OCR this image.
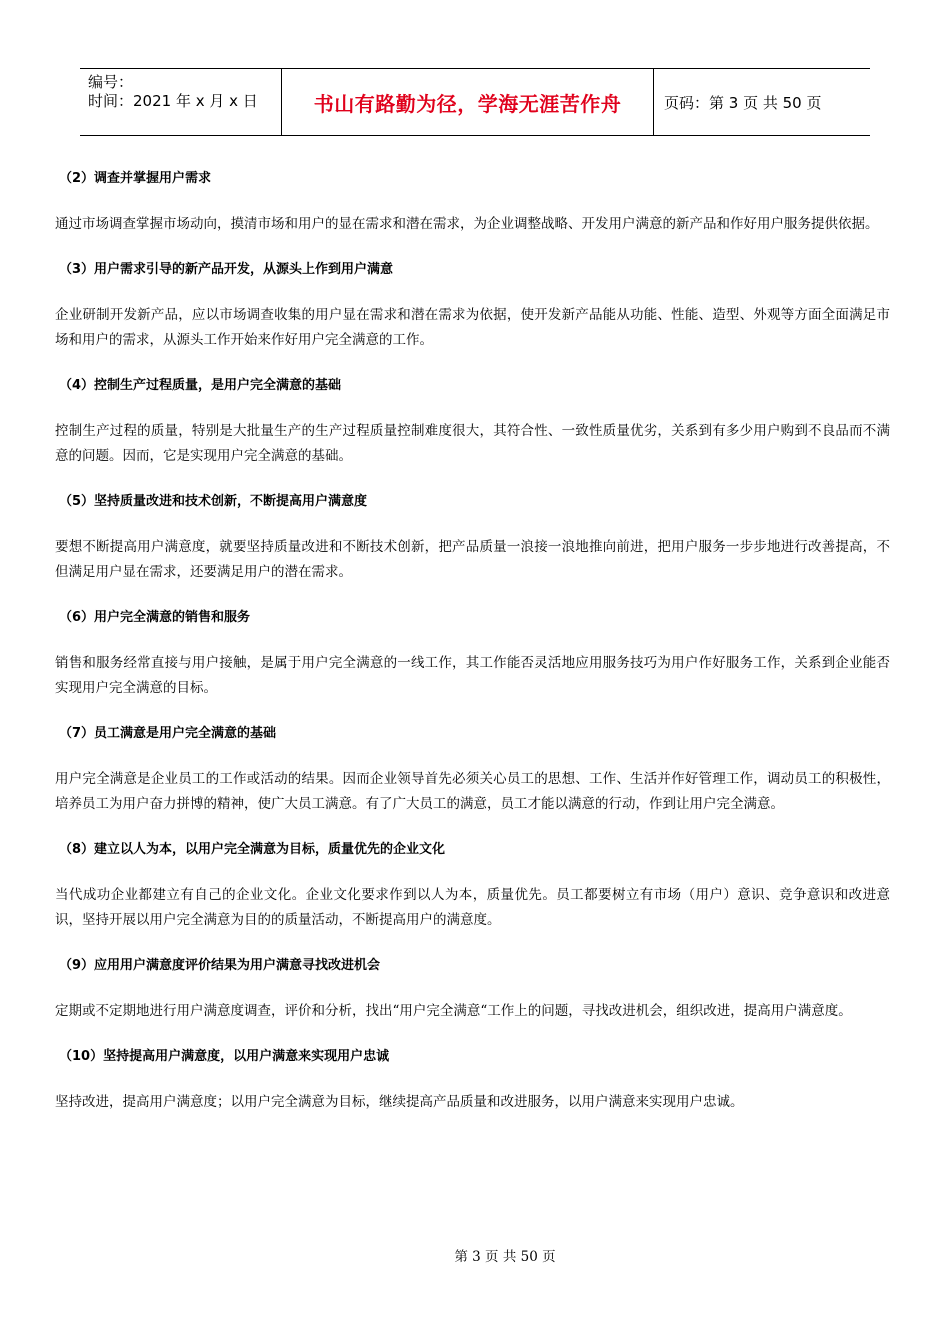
编号：
时间：2021 年 x 月 x 日	书山有路勤为径，学海无涯苦作舟	页码：第 3 页 共 50 页
（2）调查并掌握用户需求
通过市场调查掌握市场动向，摸清市场和用户的显在需求和潜在需求，为企业调整战略、开发用户满意的新产品和作好用户服务提供依据。
（3）用户需求引导的新产品开发，从源头上作到用户满意
企业研制开发新产品，应以市场调查收集的用户显在需求和潜在需求为依据，使开发新产品能从功能、性能、造型、外观等方面全面满足市场和用户的需求，从源头工作开始来作好用户完全满意的工作。
（4）控制生产过程质量，是用户完全满意的基础
控制生产过程的质量，特别是大批量生产的生产过程质量控制难度很大，其符合性、一致性质量优劣，关系到有多少用户购到不良品而不满意的问题。因而，它是实现用户完全满意的基础。
（5）坚持质量改进和技术创新，不断提高用户满意度
要想不断提高用户满意度，就要坚持质量改进和不断技术创新，把产品质量一浪接一浪地推向前进，把用户服务一步步地进行改善提高，不但满足用户显在需求，还要满足用户的潜在需求。
（6）用户完全满意的销售和服务
销售和服务经常直接与用户接触，是属于用户完全满意的一线工作，其工作能否灵活地应用服务技巧为用户作好服务工作，关系到企业能否实现用户完全满意的目标。
（7）员工满意是用户完全满意的基础
用户完全满意是企业员工的工作或活动的结果。因而企业领导首先必须关心员工的思想、工作、生活并作好管理工作，调动员工的积极性，培养员工为用户奋力拼博的精神，使广大员工满意。有了广大员工的满意，员工才能以满意的行动，作到让用户完全满意。
（8）建立以人为本，以用户完全满意为目标，质量优先的企业文化
当代成功企业都建立有自己的企业文化。企业文化要求作到以人为本，质量优先。员工都要树立有市场（用户）意识、竞争意识和改进意识，坚持开展以用户完全满意为目的的质量活动，不断提高用户的满意度。
（9）应用用户满意度评价结果为用户满意寻找改进机会
定期或不定期地进行用户满意度调查，评价和分析，找出“用户完全满意“工作上的问题，寻找改进机会，组织改进，提高用户满意度。
（10）坚持提高用户满意度，以用户满意来实现用户忠诚
坚持改进，提高用户满意度；以用户完全满意为目标，继续提高产品质量和改进服务，以用户满意来实现用户忠诚。
第 3 页 共 50 页
